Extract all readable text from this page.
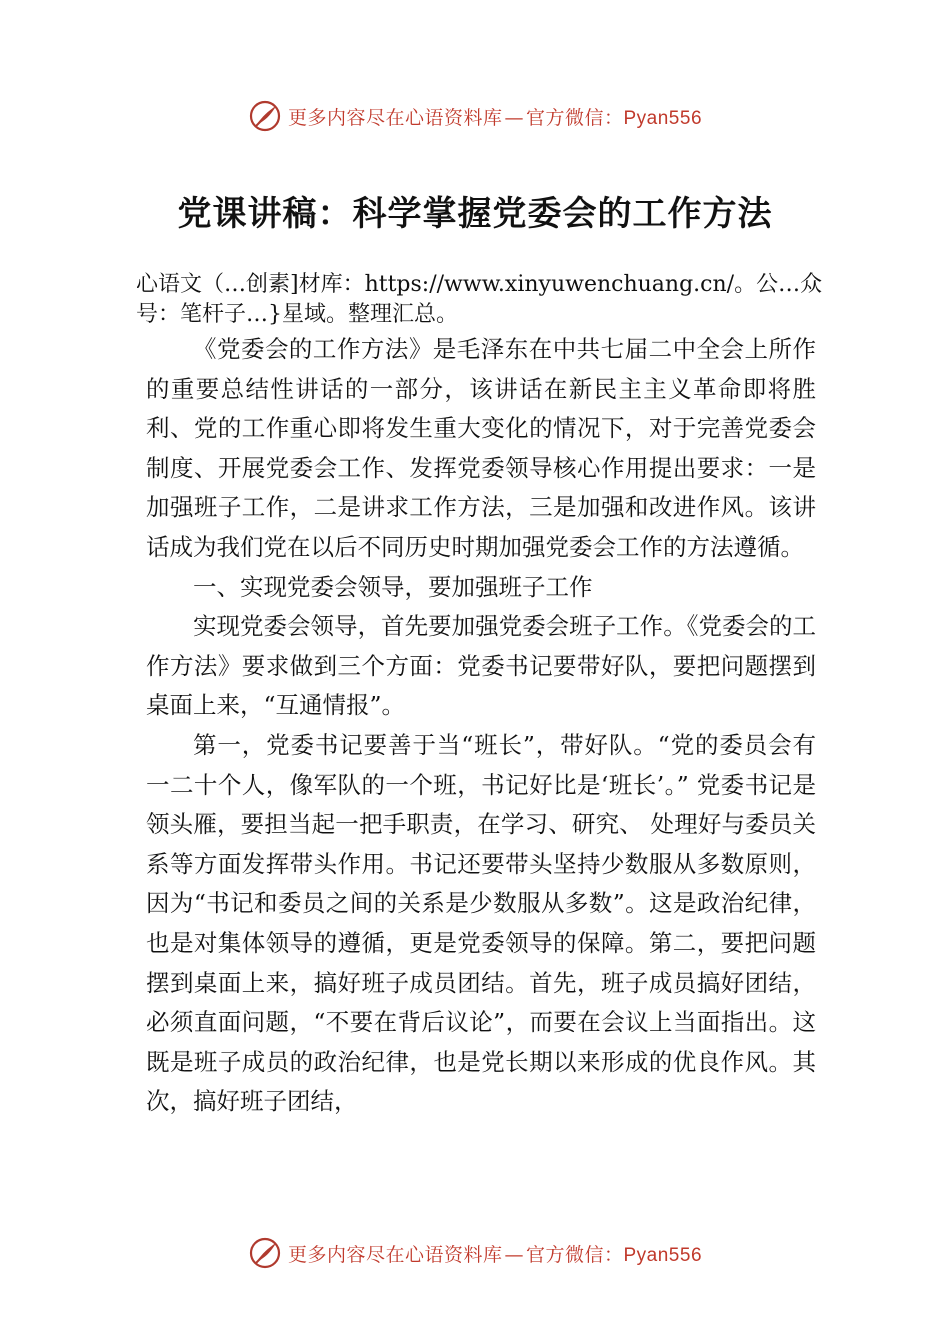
更多内容尽在心语资料库 — 官方微信：Pyan556
党课讲稿：科学掌握党委会的工作方法
心语文（…创素]材库：https://www.xinyuwenchuang.cn/。公…众号：笔杆子…}星域。整理汇总。

《党委会的工作方法》是毛泽东在中共七届二中全会上所作的重要总结性讲话的一部分，该讲话在新民主主义革命即将胜利、党的工作重心即将发生重大变化的情况下，对于完善党委会制度、开展党委会工作、发挥党委领导核心作用提出要求：一是加强班子工作，二是讲求工作方法，三是加强和改进作风。该讲话成为我们党在以后不同历史时期加强党委会工作的方法遵循。

一、实现党委会领导，要加强班子工作

实现党委会领导，首先要加强党委会班子工作。《党委会的工作方法》要求做到三个方面：党委书记要带好队，要把问题摆到桌面上来，“互通情报”。

第一，党委书记要善于当“班长”，带好队。“党的委员会有一二十个人，像军队的一个班，书记好比是‘班长’。” 党委书记是领头雁，要担当起一把手职责，在学习、研究、 处理好与委员关系等方面发挥带头作用。书记还要带头坚持少数服从多数原则，因为“书记和委员之间的关系是少数服从多数”。这是政治纪律，也是对集体领导的遵循，更是党委领导的保障。第二，要把问题摆到桌面上来，搞好班子成员团结。首先，班子成员搞好团结，必须直面问题，“不要在背后议论”，而要在会议上当面指出。这既是班子成员的政治纪律，也是党长期以来形成的优良作风。其次，搞好班子团结，

更多内容尽在心语资料库 — 官方微信：Pyan556
